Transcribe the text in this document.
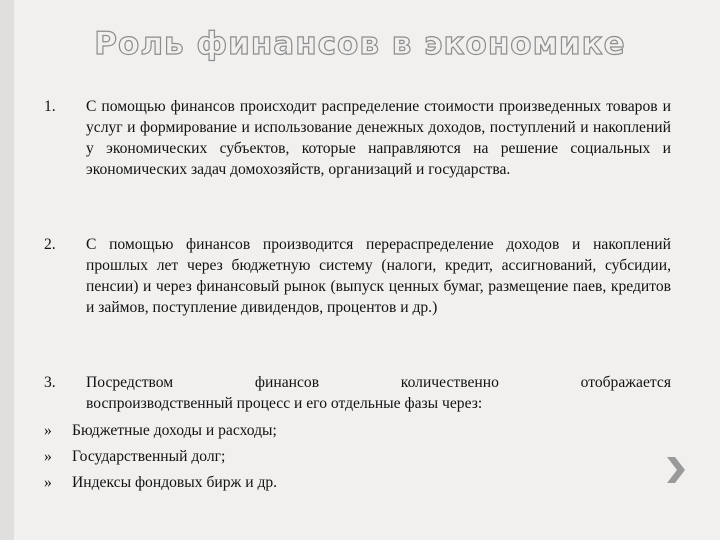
Роль финансов в экономике
1. С помощью финансов происходит распределение стоимости произведенных товаров и услуг и формирование и использование денежных доходов, поступлений и накоплений у экономических субъектов, которые направляются на решение социальных и экономических задач домохозяйств, организаций и государства.
2. С помощью финансов производится перераспределение доходов и накоплений прошлых лет через бюджетную систему (налоги, кредит, ассигнований, субсидии, пенсии) и через финансовый рынок (выпуск ценных бумаг, размещение паев, кредитов и займов, поступление дивидендов, процентов и др.)
3. Посредством финансов количественно отображается
воспроизводственный процесс и его отдельные фазы через:
» Бюджетные доходы и расходы;
» Государственный долг;
» Индексы фондовых бирж и др.
